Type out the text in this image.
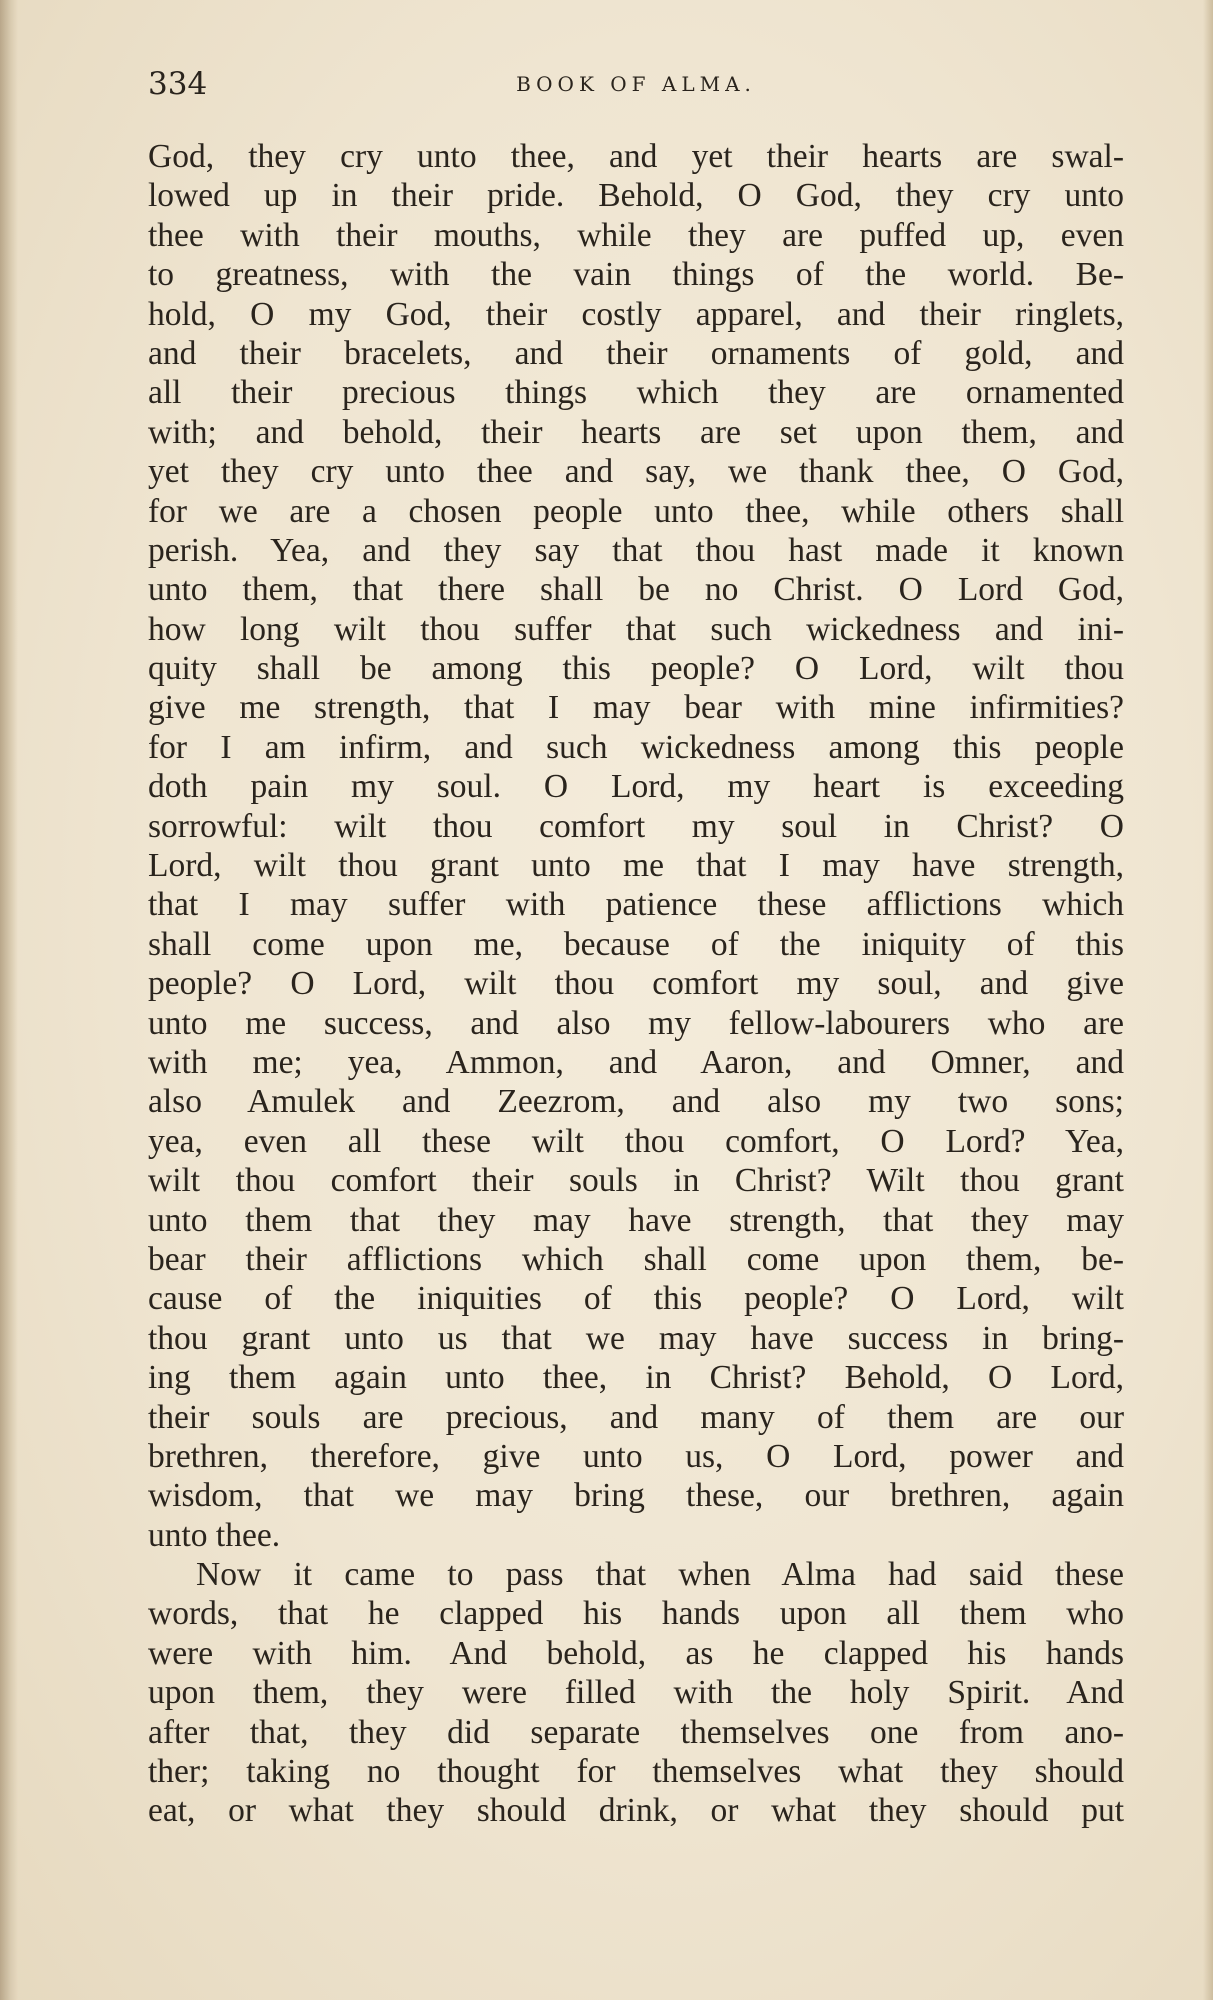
334	BOOK OF ALMA.

God, they cry unto thee, and yet their hearts are swal-
lowed up in their pride. Behold, O God, they cry unto
thee with their mouths, while they are puffed up, even
to greatness, with the vain things of the world. Be-
hold, O my God, their costly apparel, and their ringlets,
and their bracelets, and their ornaments of gold, and
all their precious things which they are ornamented
with; and behold, their hearts are set upon them, and
yet they cry unto thee and say, we thank thee, O God,
for we are a chosen people unto thee, while others shall
perish. Yea, and they say that thou hast made it known
unto them, that there shall be no Christ. O Lord God,
how long wilt thou suffer that such wickedness and ini-
quity shall be among this people? O Lord, wilt thou
give me strength, that I may bear with mine infirmities?
for I am infirm, and such wickedness among this people
doth pain my soul. O Lord, my heart is exceeding
sorrowful: wilt thou comfort my soul in Christ? O
Lord, wilt thou grant unto me that I may have strength,
that I may suffer with patience these afflictions which
shall come upon me, because of the iniquity of this
people? O Lord, wilt thou comfort my soul, and give
unto me success, and also my fellow-labourers who are
with me; yea, Ammon, and Aaron, and Omner, and
also Amulek and Zeezrom, and also my two sons;
yea, even all these wilt thou comfort, O Lord? Yea,
wilt thou comfort their souls in Christ? Wilt thou grant
unto them that they may have strength, that they may
bear their afflictions which shall come upon them, be-
cause of the iniquities of this people? O Lord, wilt
thou grant unto us that we may have success in bring-
ing them again unto thee, in Christ? Behold, O Lord,
their souls are precious, and many of them are our
brethren, therefore, give unto us, O Lord, power and
wisdom, that we may bring these, our brethren, again
unto thee.

Now it came to pass that when Alma had said these
words, that he clapped his hands upon all them who
were with him. And behold, as he clapped his hands
upon them, they were filled with the holy Spirit. And
after that, they did separate themselves one from ano-
ther; taking no thought for themselves what they should
eat, or what they should drink, or what they should put
